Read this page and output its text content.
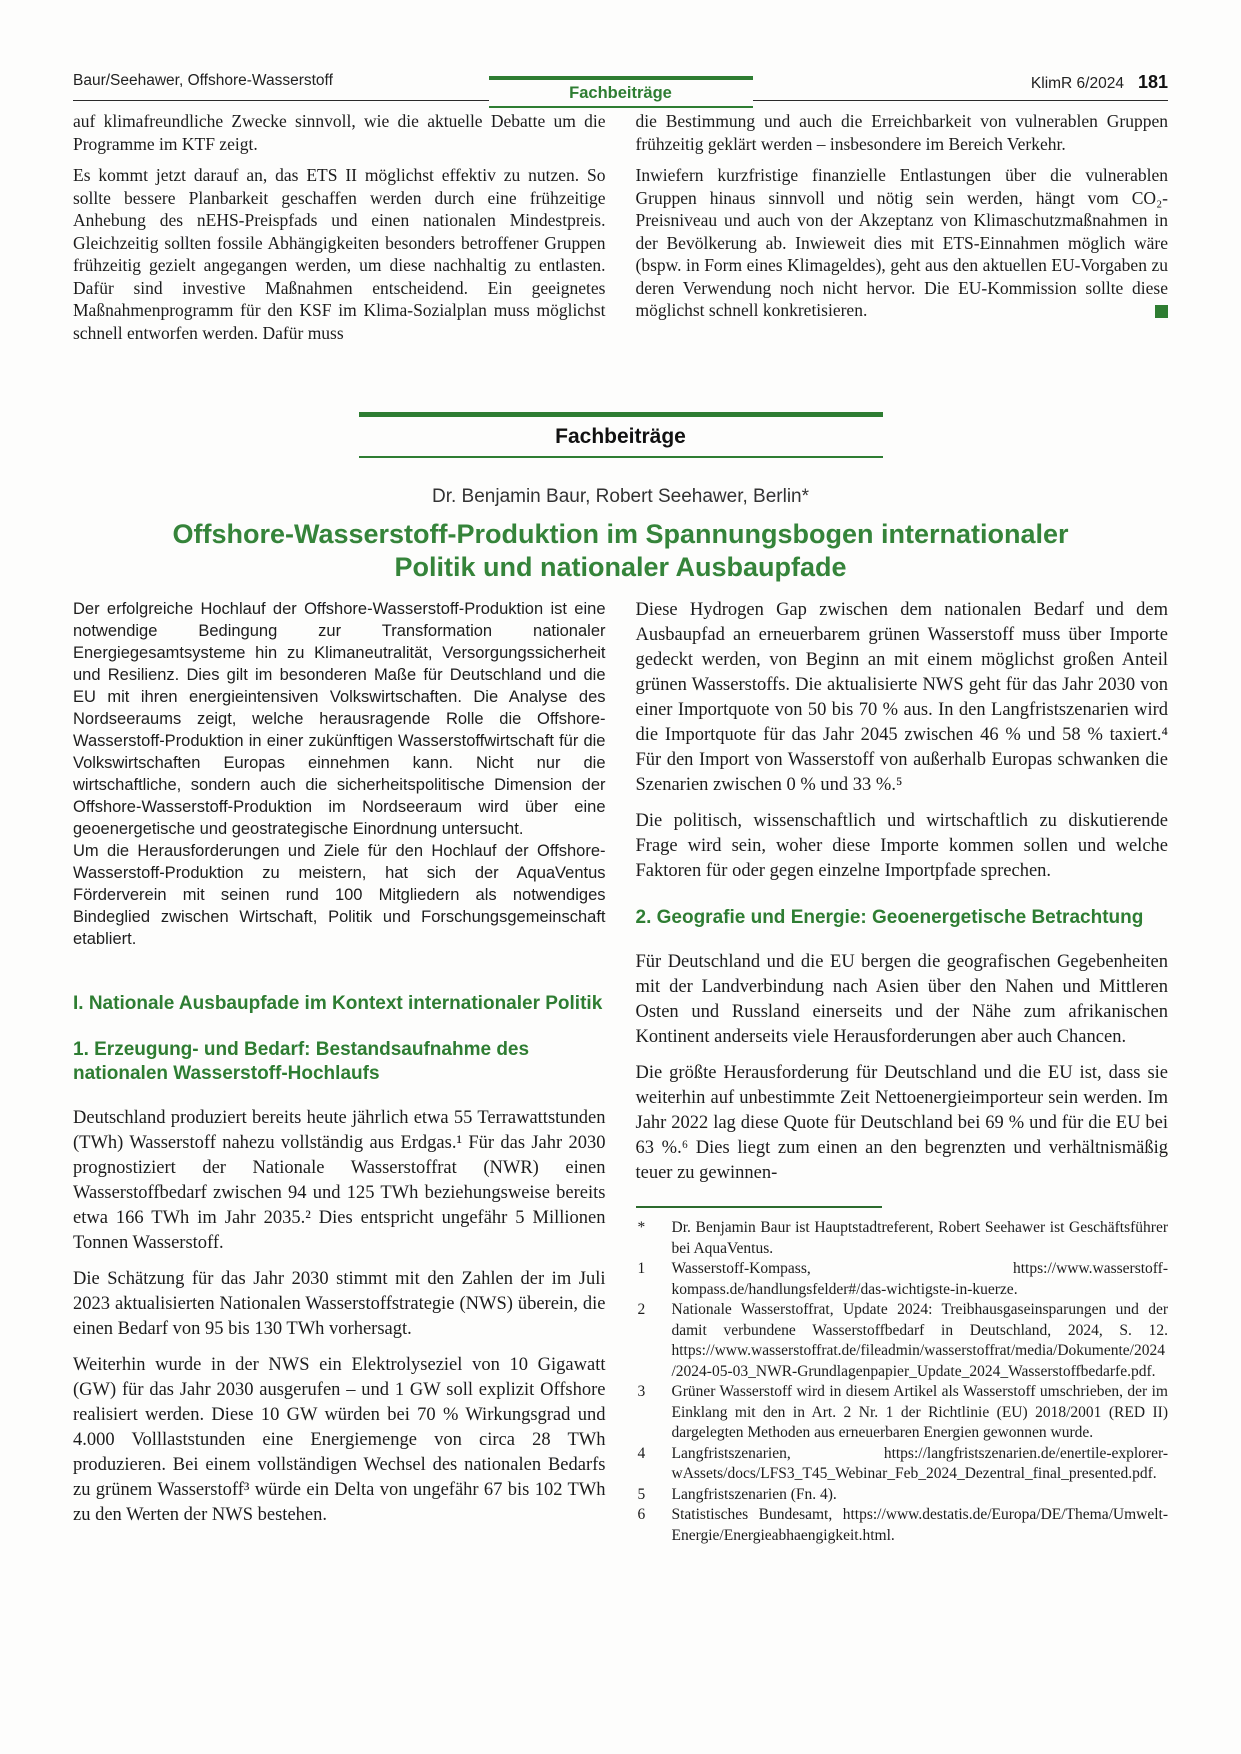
Baur/Seehawer, Offshore-Wasserstoff
Fachbeiträge
KlimR 6/2024 181

auf klimafreundliche Zwecke sinnvoll, wie die aktuelle Debatte um die Programme im KTF zeigt.

Es kommt jetzt darauf an, das ETS II möglichst effektiv zu nutzen. So sollte bessere Planbarkeit geschaffen werden durch eine frühzeitige Anhebung des nEHS-Preispfads und einen nationalen Mindestpreis. Gleichzeitig sollten fossile Abhängigkeiten besonders betroffener Gruppen frühzeitig gezielt angegangen werden, um diese nachhaltig zu entlasten. Dafür sind investive Maßnahmen entscheidend. Ein geeignetes Maßnahmenprogramm für den KSF im Klima-Sozialplan muss möglichst schnell entworfen werden. Dafür muss

die Bestimmung und auch die Erreichbarkeit von vulnerablen Gruppen frühzeitig geklärt werden – insbesondere im Bereich Verkehr.

Inwiefern kurzfristige finanzielle Entlastungen über die vulnerablen Gruppen hinaus sinnvoll und nötig sein werden, hängt vom CO₂-Preisniveau und auch von der Akzeptanz von Klimaschutzmaßnahmen in der Bevölkerung ab. Inwieweit dies mit ETS-Einnahmen möglich wäre (bspw. in Form eines Klimageldes), geht aus den aktuellen EU-Vorgaben zu deren Verwendung noch nicht hervor. Die EU-Kommission sollte diese möglichst schnell konkretisieren.

Fachbeiträge
Dr. Benjamin Baur, Robert Seehawer, Berlin*
Offshore-Wasserstoff-Produktion im Spannungsbogen internationaler
Politik und nationaler Ausbaupfade

Der erfolgreiche Hochlauf der Offshore-Wasserstoff-Produktion ist eine notwendige Bedingung zur Transformation nationaler Energiegesamtsysteme hin zu Klimaneutralität, Versorgungssicherheit und Resilienz. Dies gilt im besonderen Maße für Deutschland und die EU mit ihren energieintensiven Volkswirtschaften. Die Analyse des Nordseeraums zeigt, welche herausragende Rolle die Offshore-Wasserstoff-Produktion in einer zukünftigen Wasserstoffwirtschaft für die Volkswirtschaften Europas einnehmen kann. Nicht nur die wirtschaftliche, sondern auch die sicherheitspolitische Dimension der Offshore-Wasserstoff-Produktion im Nordseeraum wird über eine geoenergetische und geostrategische Einordnung untersucht.

Um die Herausforderungen und Ziele für den Hochlauf der Offshore-Wasserstoff-Produktion zu meistern, hat sich der AquaVentus Förderverein mit seinen rund 100 Mitgliedern als notwendiges Bindeglied zwischen Wirtschaft, Politik und Forschungsgemeinschaft etabliert.

I. Nationale Ausbaupfade im Kontext internationaler Politik
1. Erzeugung- und Bedarf: Bestandsaufnahme des nationalen Wasserstoff-Hochlaufs

Deutschland produziert bereits heute jährlich etwa 55 Terrawattstunden (TWh) Wasserstoff nahezu vollständig aus Erdgas.¹ Für das Jahr 2030 prognostiziert der Nationale Wasserstoffrat (NWR) einen Wasserstoffbedarf zwischen 94 und 125 TWh beziehungsweise bereits etwa 166 TWh im Jahr 2035.² Dies entspricht ungefähr 5 Millionen Tonnen Wasserstoff.

Die Schätzung für das Jahr 2030 stimmt mit den Zahlen der im Juli 2023 aktualisierten Nationalen Wasserstoffstrategie (NWS) überein, die einen Bedarf von 95 bis 130 TWh vorhersagt.

Weiterhin wurde in der NWS ein Elektrolyseziel von 10 Gigawatt (GW) für das Jahr 2030 ausgerufen – und 1 GW soll explizit Offshore realisiert werden. Diese 10 GW würden bei 70 % Wirkungsgrad und 4.000 Volllaststunden eine Energiemenge von circa 28 TWh produzieren. Bei einem vollständigen Wechsel des nationalen Bedarfs zu grünem Wasserstoff³ würde ein Delta von ungefähr 67 bis 102 TWh zu den Werten der NWS bestehen.

Diese Hydrogen Gap zwischen dem nationalen Bedarf und dem Ausbaupfad an erneuerbarem grünen Wasserstoff muss über Importe gedeckt werden, von Beginn an mit einem möglichst großen Anteil grünen Wasserstoffs. Die aktualisierte NWS geht für das Jahr 2030 von einer Importquote von 50 bis 70 % aus. In den Langfristszenarien wird die Importquote für das Jahr 2045 zwischen 46 % und 58 % taxiert.⁴ Für den Import von Wasserstoff von außerhalb Europas schwanken die Szenarien zwischen 0 % und 33 %.⁵

Die politisch, wissenschaftlich und wirtschaftlich zu diskutierende Frage wird sein, woher diese Importe kommen sollen und welche Faktoren für oder gegen einzelne Importpfade sprechen.

2. Geografie und Energie: Geoenergetische Betrachtung

Für Deutschland und die EU bergen die geografischen Gegebenheiten mit der Landverbindung nach Asien über den Nahen und Mittleren Osten und Russland einerseits und der Nähe zum afrikanischen Kontinent anderseits viele Herausforderungen aber auch Chancen.

Die größte Herausforderung für Deutschland und die EU ist, dass sie weiterhin auf unbestimmte Zeit Nettoenergieimporteur sein werden. Im Jahr 2022 lag diese Quote für Deutschland bei 69 % und für die EU bei 63 %.⁶ Dies liegt zum einen an den begrenzten und verhältnismäßig teuer zu gewinnen-

*	Dr. Benjamin Baur ist Hauptstadtreferent, Robert Seehawer ist Geschäftsführer bei AquaVentus.
1	Wasserstoff-Kompass, https://www.wasserstoff-kompass.de/handlungsfelder#/das-wichtigste-in-kuerze.
2	Nationale Wasserstoffrat, Update 2024: Treibhausgaseinsparungen und der damit verbundene Wasserstoffbedarf in Deutschland, 2024, S. 12. https://www.wasserstoffrat.de/fileadmin/wasserstoffrat/media/Dokumente/2024/2024-05-03_NWR-Grundlagenpapier_Update_2024_Wasserstoffbedarfe.pdf.
3	Grüner Wasserstoff wird in diesem Artikel als Wasserstoff umschrieben, der im Einklang mit den in Art. 2 Nr. 1 der Richtlinie (EU) 2018/2001 (RED II) dargelegten Methoden aus erneuerbaren Energien gewonnen wurde.
4	Langfristszenarien, https://langfristszenarien.de/enertile-explorer-wAssets/docs/LFS3_T45_Webinar_Feb_2024_Dezentral_final_presented.pdf.
5	Langfristszenarien (Fn. 4).
6	Statistisches Bundesamt, https://www.destatis.de/Europa/DE/Thema/Umwelt-Energie/Energieabhaengigkeit.html.
